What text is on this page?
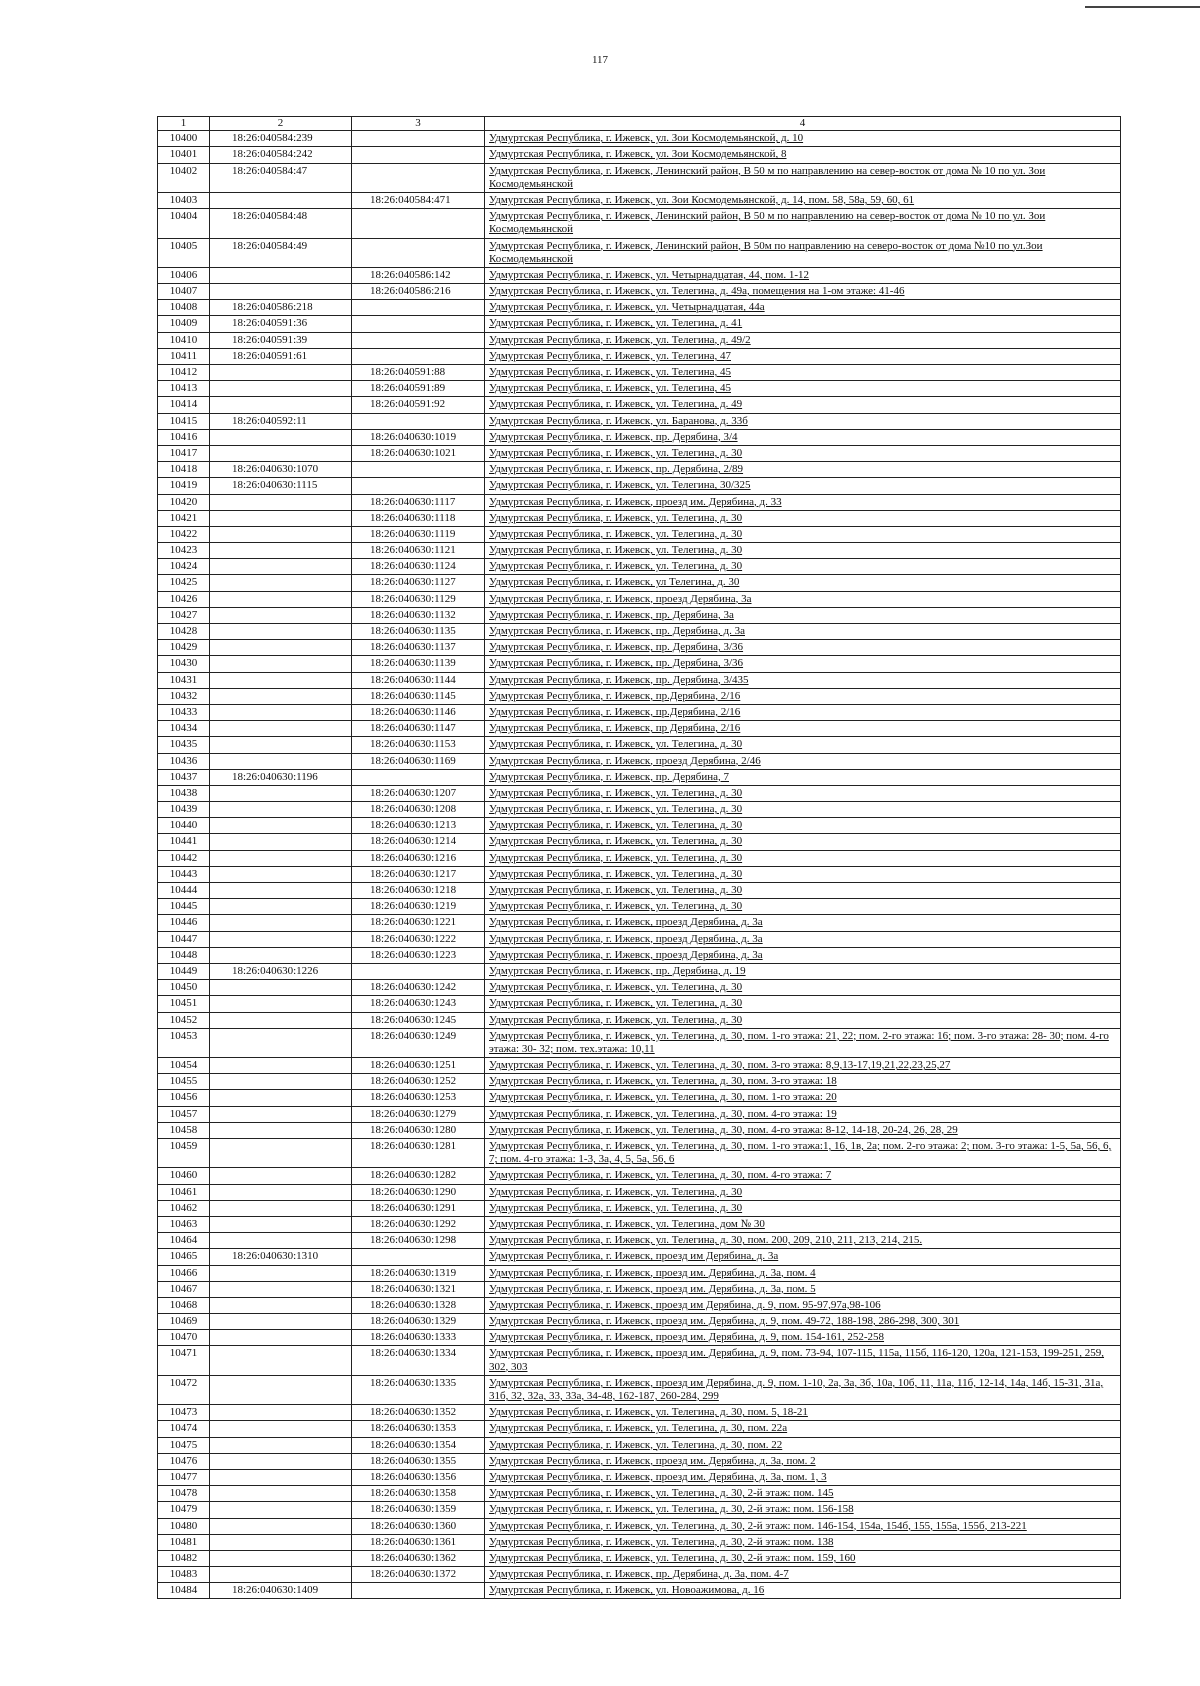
117
1	2	3	4
10400	18:26:040584:239		Удмуртская Республика, г. Ижевск, ул. Зои Космодемьянской, д. 10
10401	18:26:040584:242		Удмуртская Республика, г. Ижевск, ул. Зои Космодемьянской, 8
10402	18:26:040584:47		Удмуртская Республика, г. Ижевск, Ленинский район, В 50 м по направлению на север-восток от дома № 10 по ул. Зои Космодемьянской
10403		18:26:040584:471	Удмуртская Республика, г. Ижевск, ул. Зои Космодемьянской, д. 14, пом. 58, 58а, 59, 60, 61
10404	18:26:040584:48		Удмуртская Республика, г. Ижевск, Ленинский район, В 50 м по направлению на север-восток от дома № 10 по ул. Зои Космодемьянской
10405	18:26:040584:49		Удмуртская Республика, г. Ижевск, Ленинский район, В 50м по направлению на северо-восток от дома №10 по ул.Зои Космодемьянской
10406		18:26:040586:142	Удмуртская Республика, г. Ижевск, ул. Четырнадцатая, 44, пом. 1-12
10407		18:26:040586:216	Удмуртская Республика, г. Ижевск, ул. Телегина, д. 49а, помещения на 1-ом этаже: 41-46
10408	18:26:040586:218		Удмуртская Республика, г. Ижевск, ул. Четырнадцатая, 44а
10409	18:26:040591:36		Удмуртская Республика, г. Ижевск, ул. Телегина, д. 41
10410	18:26:040591:39		Удмуртская Республика, г. Ижевск, ул. Телегина, д. 49/2
10411	18:26:040591:61		Удмуртская Республика, г. Ижевск, ул. Телегина, 47
10412		18:26:040591:88	Удмуртская Республика, г. Ижевск, ул. Телегина, 45
10413		18:26:040591:89	Удмуртская Республика, г. Ижевск, ул. Телегина, 45
10414		18:26:040591:92	Удмуртская Республика, г. Ижевск, ул. Телегина, д. 49
10415	18:26:040592:11		Удмуртская Республика, г. Ижевск, ул. Баранова, д. 33б
10416		18:26:040630:1019	Удмуртская Республика, г. Ижевск, пр. Дерябина, 3/4
10417		18:26:040630:1021	Удмуртская Республика, г. Ижевск, ул. Телегина, д. 30
10418	18:26:040630:1070		Удмуртская Республика, г. Ижевск, пр. Дерябина, 2/89
10419	18:26:040630:1115		Удмуртская Республика, г. Ижевск, ул. Телегина, 30/325
10420		18:26:040630:1117	Удмуртская Республика, г. Ижевск, проезд им. Дерябина, д. 33
10421		18:26:040630:1118	Удмуртская Республика, г. Ижевск, ул. Телегина, д. 30
10422		18:26:040630:1119	Удмуртская Республика, г. Ижевск, ул. Телегина, д. 30
10423		18:26:040630:1121	Удмуртская Республика, г. Ижевск, ул. Телегина, д. 30
10424		18:26:040630:1124	Удмуртская Республика, г. Ижевск, ул. Телегина, д. 30
10425		18:26:040630:1127	Удмуртская Республика, г. Ижевск, ул Телегина, д. 30
10426		18:26:040630:1129	Удмуртская Республика, г. Ижевск, проезд Дерябина, 3а
10427		18:26:040630:1132	Удмуртская Республика, г. Ижевск, пр. Дерябина, 3а
10428		18:26:040630:1135	Удмуртская Республика, г. Ижевск, пр. Дерябина, д. 3а
10429		18:26:040630:1137	Удмуртская Республика, г. Ижевск, пр. Дерябина, 3/36
10430		18:26:040630:1139	Удмуртская Республика, г. Ижевск, пр. Дерябина, 3/36
10431		18:26:040630:1144	Удмуртская Республика, г. Ижевск, пр. Дерябина, 3/435
10432		18:26:040630:1145	Удмуртская Республика, г. Ижевск, пр.Дерябина, 2/16
10433		18:26:040630:1146	Удмуртская Республика, г. Ижевск, пр.Дерябина, 2/16
10434		18:26:040630:1147	Удмуртская Республика, г. Ижевск, пр Дерябина, 2/16
10435		18:26:040630:1153	Удмуртская Республика, г. Ижевск, ул. Телегина, д. 30
10436		18:26:040630:1169	Удмуртская Республика, г. Ижевск, проезд Дерябина, 2/46
10437	18:26:040630:1196		Удмуртская Республика, г. Ижевск, пр. Дерябина, 7
10438		18:26:040630:1207	Удмуртская Республика, г. Ижевск, ул. Телегина, д. 30
10439		18:26:040630:1208	Удмуртская Республика, г. Ижевск, ул. Телегина, д. 30
10440		18:26:040630:1213	Удмуртская Республика, г. Ижевск, ул. Телегина, д. 30
10441		18:26:040630:1214	Удмуртская Республика, г. Ижевск, ул. Телегина, д. 30
10442		18:26:040630:1216	Удмуртская Республика, г. Ижевск, ул. Телегина, д. 30
10443		18:26:040630:1217	Удмуртская Республика, г. Ижевск, ул. Телегина, д. 30
10444		18:26:040630:1218	Удмуртская Республика, г. Ижевск, ул. Телегина, д. 30
10445		18:26:040630:1219	Удмуртская Республика, г. Ижевск, ул. Телегина, д. 30
10446		18:26:040630:1221	Удмуртская Республика, г. Ижевск, проезд Дерябина, д. 3а
10447		18:26:040630:1222	Удмуртская Республика, г. Ижевск, проезд Дерябина, д. 3а
10448		18:26:040630:1223	Удмуртская Республика, г. Ижевск, проезд Дерябина, д. 3а
10449	18:26:040630:1226		Удмуртская Республика, г. Ижевск, пр. Дерябина, д. 19
10450		18:26:040630:1242	Удмуртская Республика, г. Ижевск, ул. Телегина, д. 30
10451		18:26:040630:1243	Удмуртская Республика, г. Ижевск, ул. Телегина, д. 30
10452		18:26:040630:1245	Удмуртская Республика, г. Ижевск, ул. Телегина, д. 30
10453		18:26:040630:1249	Удмуртская Республика, г. Ижевск, ул. Телегина, д. 30, пом. 1-го этажа: 21, 22; пом. 2-го этажа: 16; пом. 3-го этажа: 28- 30; пом. 4-го этажа: 30- 32; пом. тех.этажа: 10,11
10454		18:26:040630:1251	Удмуртская Республика, г. Ижевск, ул. Телегина, д. 30, пом. 3-го этажа: 8,9,13-17,19,21,22,23,25,27
10455		18:26:040630:1252	Удмуртская Республика, г. Ижевск, ул. Телегина, д. 30, пом. 3-го этажа: 18
10456		18:26:040630:1253	Удмуртская Республика, г. Ижевск, ул. Телегина, д. 30, пом. 1-го этажа: 20
10457		18:26:040630:1279	Удмуртская Республика, г. Ижевск, ул. Телегина, д. 30, пом. 4-го этажа: 19
10458		18:26:040630:1280	Удмуртская Республика, г. Ижевск, ул. Телегина, д. 30, пом. 4-го этажа: 8-12, 14-18, 20-24, 26, 28, 29
10459		18:26:040630:1281	Удмуртская Республика, г. Ижевск, ул. Телегина, д. 30, пом. 1-го этажа:1, 16, 1в, 2а; пом. 2-го этажа: 2; пом. 3-го этажа: 1-5, 5а, 56, 6, 7; пом. 4-го этажа: 1-3, 3а, 4, 5, 5а, 56, 6
10460		18:26:040630:1282	Удмуртская Республика, г. Ижевск, ул. Телегина, д. 30, пом. 4-го этажа: 7
10461		18:26:040630:1290	Удмуртская Республика, г. Ижевск, ул. Телегина, д. 30
10462		18:26:040630:1291	Удмуртская Республика, г. Ижевск, ул. Телегина, д. 30
10463		18:26:040630:1292	Удмуртская Республика, г. Ижевск, ул. Телегина, дом № 30
10464		18:26:040630:1298	Удмуртская Республика, г. Ижевск, ул. Телегина, д. 30, пом. 200, 209, 210, 211, 213, 214, 215.
10465	18:26:040630:1310		Удмуртская Республика, г. Ижевск, проезд им Дерябина, д. 3а
10466		18:26:040630:1319	Удмуртская Республика, г. Ижевск, проезд им. Дерябина, д. 3а, пом. 4
10467		18:26:040630:1321	Удмуртская Республика, г. Ижевск, проезд им. Дерябина, д. 3а, пом. 5
10468		18:26:040630:1328	Удмуртская Республика, г. Ижевск, проезд им Дерябина, д. 9, пом. 95-97,97а,98-106
10469		18:26:040630:1329	Удмуртская Республика, г. Ижевск, проезд им. Дерябина, д. 9, пом. 49-72, 188-198, 286-298, 300, 301
10470		18:26:040630:1333	Удмуртская Республика, г. Ижевск, проезд им. Дерябина, д. 9, пом. 154-161, 252-258
10471		18:26:040630:1334	Удмуртская Республика, г. Ижевск, проезд им. Дерябина, д. 9, пом. 73-94, 107-115, 115а, 115б, 116-120, 120а, 121-153, 199-251, 259, 302, 303
10472		18:26:040630:1335	Удмуртская Республика, г. Ижевск, проезд им Дерябина, д. 9, пом. 1-10, 2а, 3а, 3б, 10а, 10б, 11, 11а, 11б, 12-14, 14а, 14б, 15-31, 31а, 31б, 32, 32а, 33, 33а, 34-48, 162-187, 260-284, 299
10473		18:26:040630:1352	Удмуртская Республика, г. Ижевск, ул. Телегина, д. 30, пом. 5, 18-21
10474		18:26:040630:1353	Удмуртская Республика, г. Ижевск, ул. Телегина, д. 30, пом. 22а
10475		18:26:040630:1354	Удмуртская Республика, г. Ижевск, ул. Телегина, д. 30, пом. 22
10476		18:26:040630:1355	Удмуртская Республика, г. Ижевск, проезд им. Дерябина, д. 3а, пом. 2
10477		18:26:040630:1356	Удмуртская Республика, г. Ижевск, проезд им. Дерябина, д. 3а, пом. 1, 3
10478		18:26:040630:1358	Удмуртская Республика, г. Ижевск, ул. Телегина, д. 30, 2-й этаж: пом. 145
10479		18:26:040630:1359	Удмуртская Республика, г. Ижевск, ул. Телегина, д. 30, 2-й этаж: пом. 156-158
10480		18:26:040630:1360	Удмуртская Республика, г. Ижевск, ул. Телегина, д. 30, 2-й этаж: пом. 146-154, 154а, 154б, 155, 155а, 155б, 213-221
10481		18:26:040630:1361	Удмуртская Республика, г. Ижевск, ул. Телегина, д. 30, 2-й этаж: пом. 138
10482		18:26:040630:1362	Удмуртская Республика, г. Ижевск, ул. Телегина, д. 30, 2-й этаж: пом. 159, 160
10483		18:26:040630:1372	Удмуртская Республика, г. Ижевск, пр. Дерябина, д. 3а, пом. 4-7
10484	18:26:040630:1409		Удмуртская Республика, г. Ижевск, ул. Новоажимова, д. 16
